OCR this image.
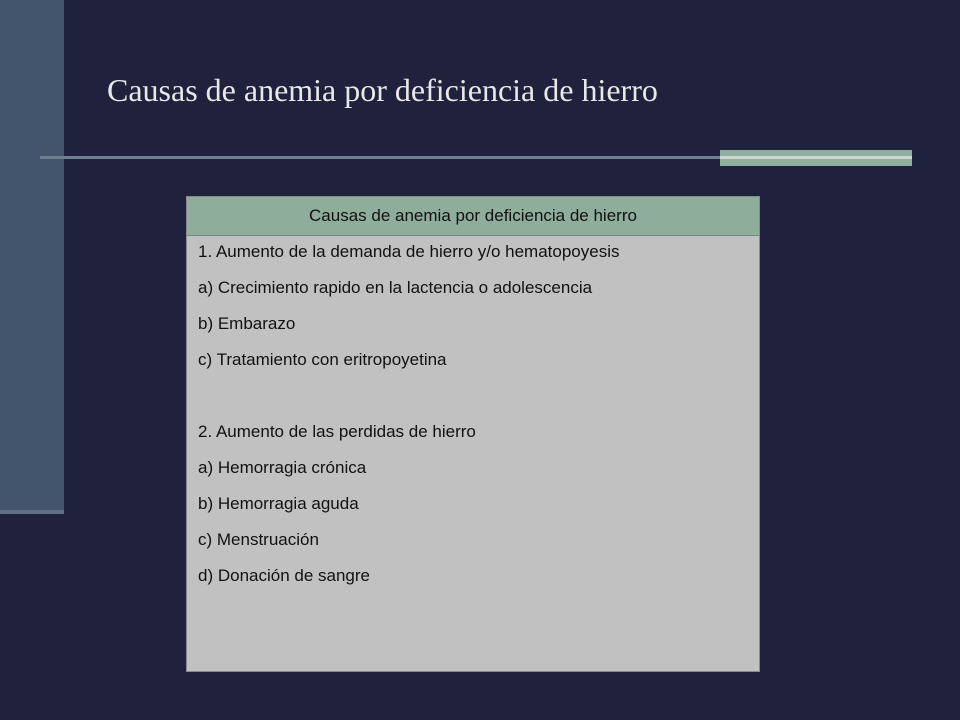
Causas de anemia por deficiencia de hierro
Causas de anemia por deficiencia de hierro
1. Aumento de la demanda de hierro y/o hematopoyesis
a) Crecimiento rapido en la lactencia o adolescencia
b) Embarazo
c) Tratamiento con eritropoyetina
2. Aumento de las perdidas de hierro
a) Hemorragia crónica
b) Hemorragia aguda
c) Menstruación
d) Donación de sangre
